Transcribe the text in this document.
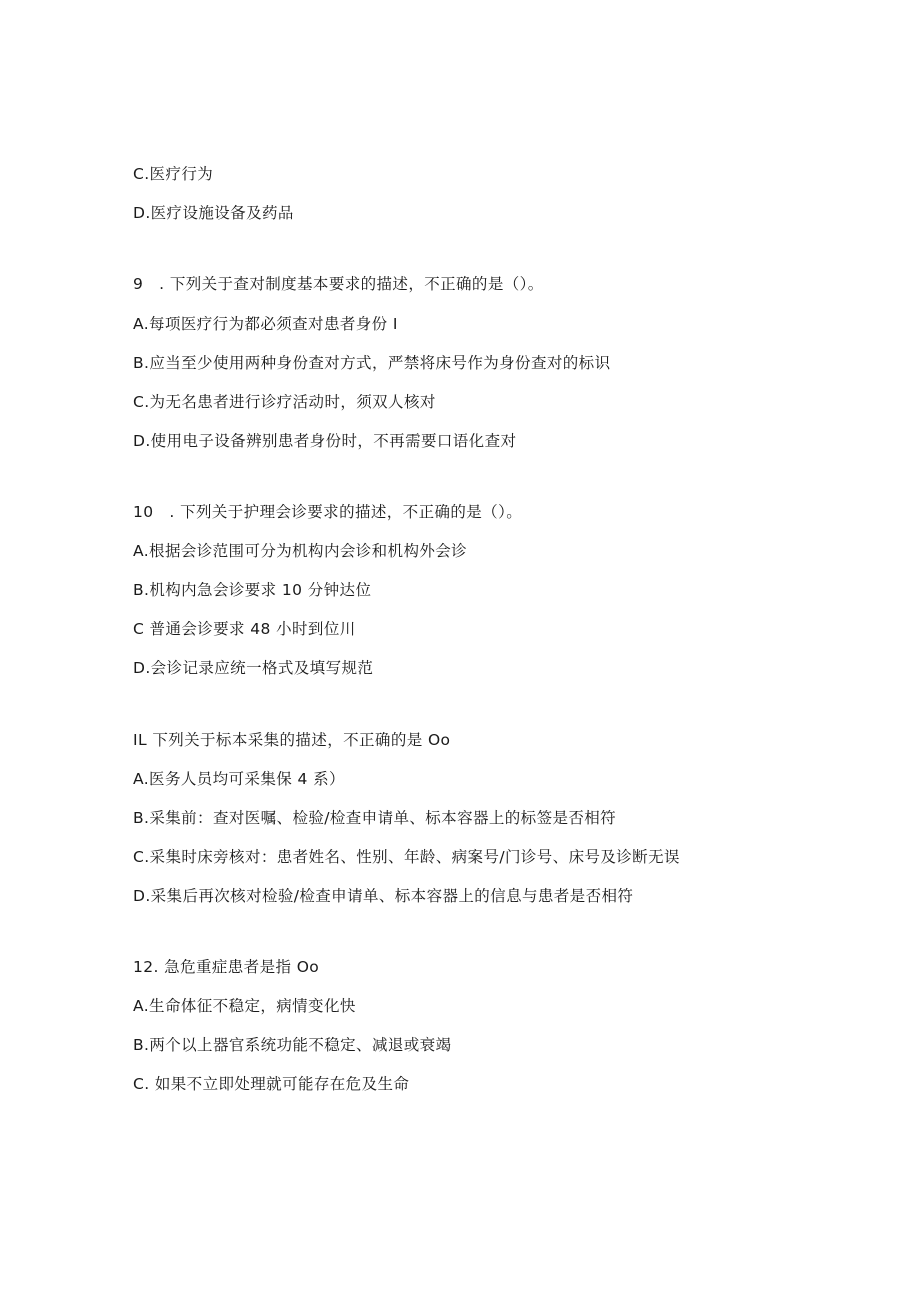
C.医疗行为
D.医疗设施设备及药品
9　. 下列关于查对制度基本要求的描述，不正确的是（）。
A.每项医疗行为都必须查对患者身份 I
B.应当至少使用两种身份查对方式，严禁将床号作为身份查对的标识
C.为无名患者进行诊疗活动时，须双人核对
D.使用电子设备辨别患者身份时，不再需要口语化查对
10　. 下列关于护理会诊要求的描述，不正确的是（）。
A.根据会诊范围可分为机构内会诊和机构外会诊
B.机构内急会诊要求 10 分钟达位
C 普通会诊要求 48 小时到位川
D.会诊记录应统一格式及填写规范
IL 下列关于标本采集的描述，不正确的是 Oo
A.医务人员均可采集保 4 系）
B.采集前：查对医嘱、检验/检查申请单、标本容器上的标签是否相符
C.采集时床旁核对：患者姓名、性别、年龄、病案号/门诊号、床号及诊断无误
D.采集后再次核对检验/检查申请单、标本容器上的信息与患者是否相符
12. 急危重症患者是指 Oo
A.生命体征不稳定，病情变化快
B.两个以上器官系统功能不稳定、减退或衰竭
C. 如果不立即处理就可能存在危及生命
